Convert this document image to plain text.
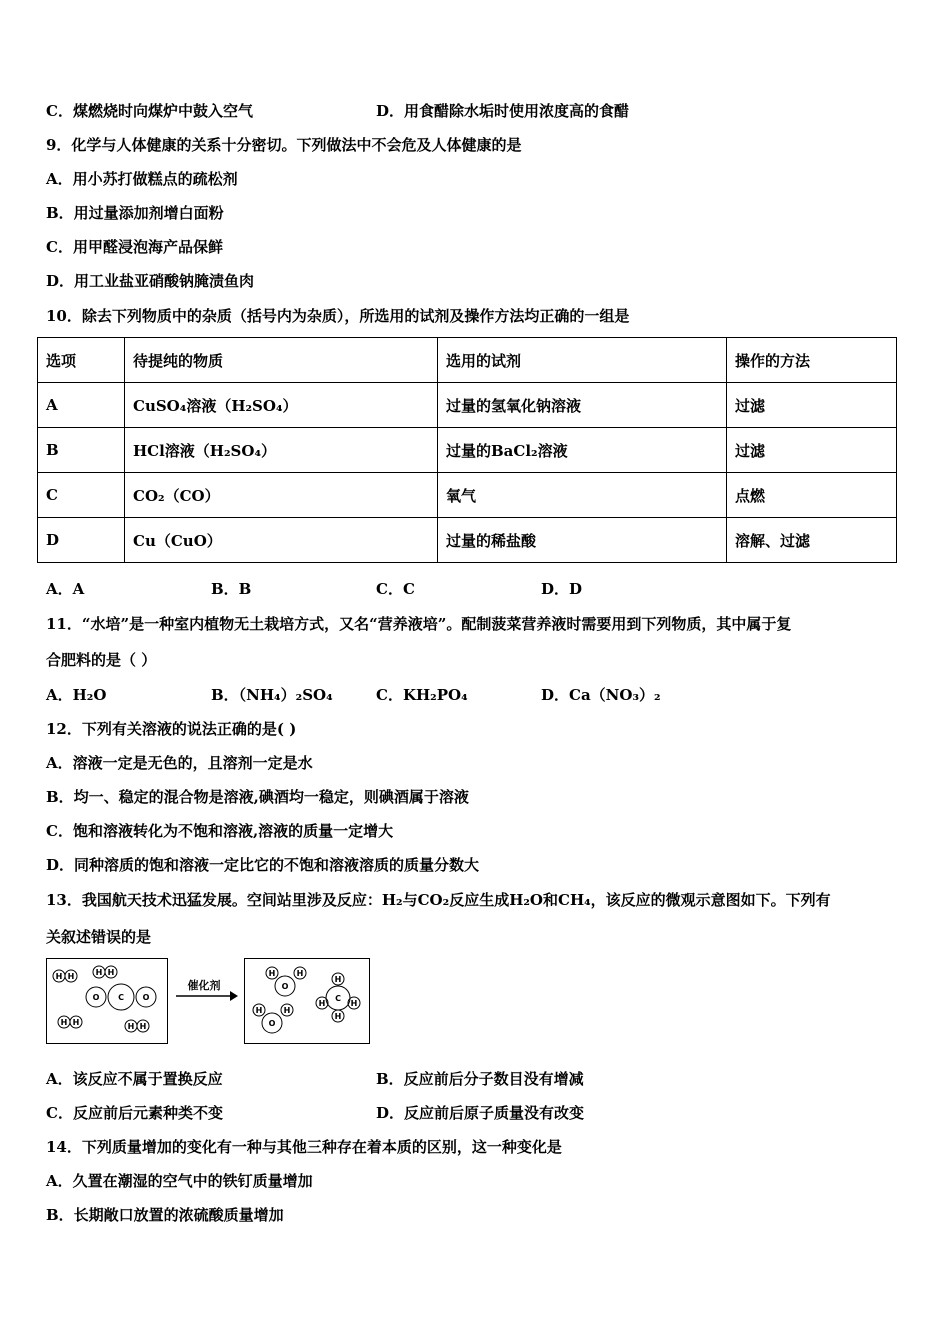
C．煤燃烧时向煤炉中鼓入空气	D．用食醋除水垢时使用浓度高的食醋
9．化学与人体健康的关系十分密切。下列做法中不会危及人体健康的是
A．用小苏打做糕点的疏松剂
B．用过量添加剂增白面粉
C．用甲醛浸泡海产品保鲜
D．用工业盐亚硝酸钠腌渍鱼肉
10．除去下列物质中的杂质（括号内为杂质），所选用的试剂及操作方法均正确的一组是
选项	待提纯的物质	选用的试剂	操作的方法
A	CuSO₄溶液（H₂SO₄）	过量的氢氧化钠溶液	过滤
B	HCl溶液（H₂SO₄）	过量的BaCl₂溶液	过滤
C	CO₂（CO）	氧气	点燃
D	Cu（CuO）	过量的稀盐酸	溶解、过滤
A．A	B．B	C．C	D．D
11．“水培”是一种室内植物无土栽培方式，又名“营养液培”。配制菠菜营养液时需要用到下列物质，其中属于复
合肥料的是（ ）
A．H₂O	B．（NH₄）₂SO₄	C．KH₂PO₄	D．Ca（NO₃）₂
12．下列有关溶液的说法正确的是( )
A．溶液一定是无色的，且溶剂一定是水
B．均一、稳定的混合物是溶液,碘酒均一稳定，则碘酒属于溶液
C．饱和溶液转化为不饱和溶液,溶液的质量一定增大
D．同种溶质的饱和溶液一定比它的不饱和溶液溶质的质量分数大
13．我国航天技术迅猛发展。空间站里涉及反应：H₂与CO₂反应生成H₂O和CH₄，该反应的微观示意图如下。下列有
关叙述错误的是
H H	H H
O C O
H H	H H
催化剂
H
O
H
H
O
H
C
H
H	H
H
A．该反应不属于置换反应	B．反应前后分子数目没有增减
C．反应前后元素种类不变	D．反应前后原子质量没有改变
14．下列质量增加的变化有一种与其他三种存在着本质的区别，这一种变化是
A．久置在潮湿的空气中的铁钉质量增加
B．长期敞口放置的浓硫酸质量增加
